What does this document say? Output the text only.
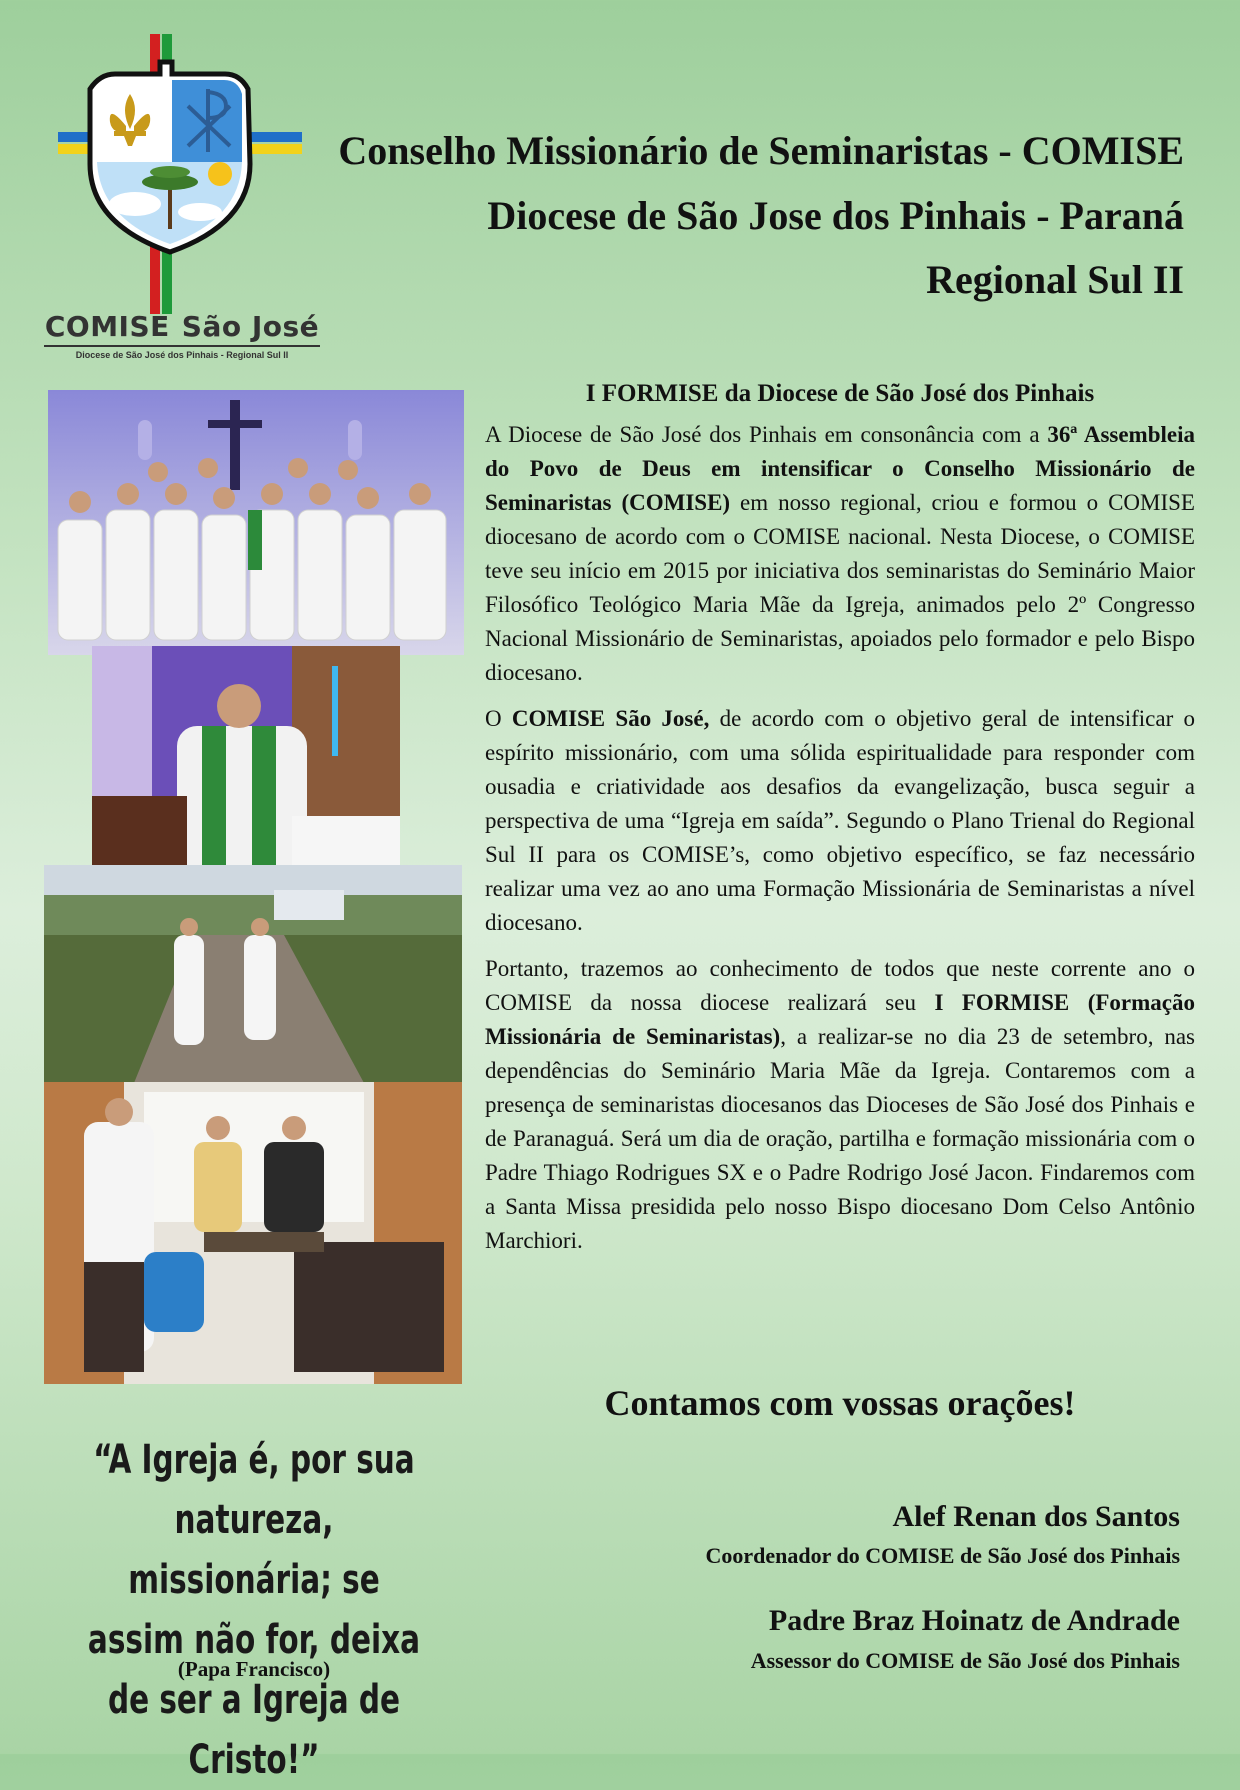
COMISE São José
Diocese de São José dos Pinhais - Regional Sul II
Conselho Missionário de Seminaristas - COMISE
Diocese de São Jose dos Pinhais - Paraná
Regional Sul II
I FORMISE da Diocese de São José dos Pinhais

A Diocese de São José dos Pinhais em consonância com a 36ª Assembleia do Povo de Deus em intensificar o Conselho Missionário de Seminaristas (COMISE) em nosso regional, criou e formou o COMISE diocesano de acordo com o COMISE nacional. Nesta Diocese, o COMISE teve seu início em 2015 por iniciativa dos seminaristas do Seminário Maior Filosófico Teológico Maria Mãe da Igreja, animados pelo 2º Congresso Nacional Missionário de Seminaristas, apoiados pelo formador e pelo Bispo diocesano.

O COMISE São José, de acordo com o objetivo geral de intensificar o espírito missionário, com uma sólida espiritualidade para responder com ousadia e criatividade aos desafios da evangelização, busca seguir a perspectiva de uma “Igreja em saída”. Segundo o Plano Trienal do Regional Sul II para os COMISE’s, como objetivo específico, se faz necessário realizar uma vez ao ano uma Formação Missionária de Seminaristas a nível diocesano.

Portanto, trazemos ao conhecimento de todos que neste corrente ano o COMISE da nossa diocese realizará seu I FORMISE (Formação Missionária de Seminaristas), a realizar-se no dia 23 de setembro, nas dependências do Seminário Maria Mãe da Igreja. Contaremos com a presença de seminaristas diocesanos das Dioceses de São José dos Pinhais e de Paranaguá. Será um dia de oração, partilha e formação missionária com o Padre Thiago Rodrigues SX e o Padre Rodrigo José Jacon. Findaremos com a Santa Missa presidida pelo nosso Bispo diocesano Dom Celso Antônio Marchiori.

Contamos com vossas orações!
“A Igreja é, por sua natureza, missionária; se assim não for, deixa de ser a Igreja de Cristo!”
(Papa Francisco)
Alef Renan dos Santos
Coordenador do COMISE de São José dos Pinhais
Padre Braz Hoinatz de Andrade
Assessor do COMISE de São José dos Pinhais
